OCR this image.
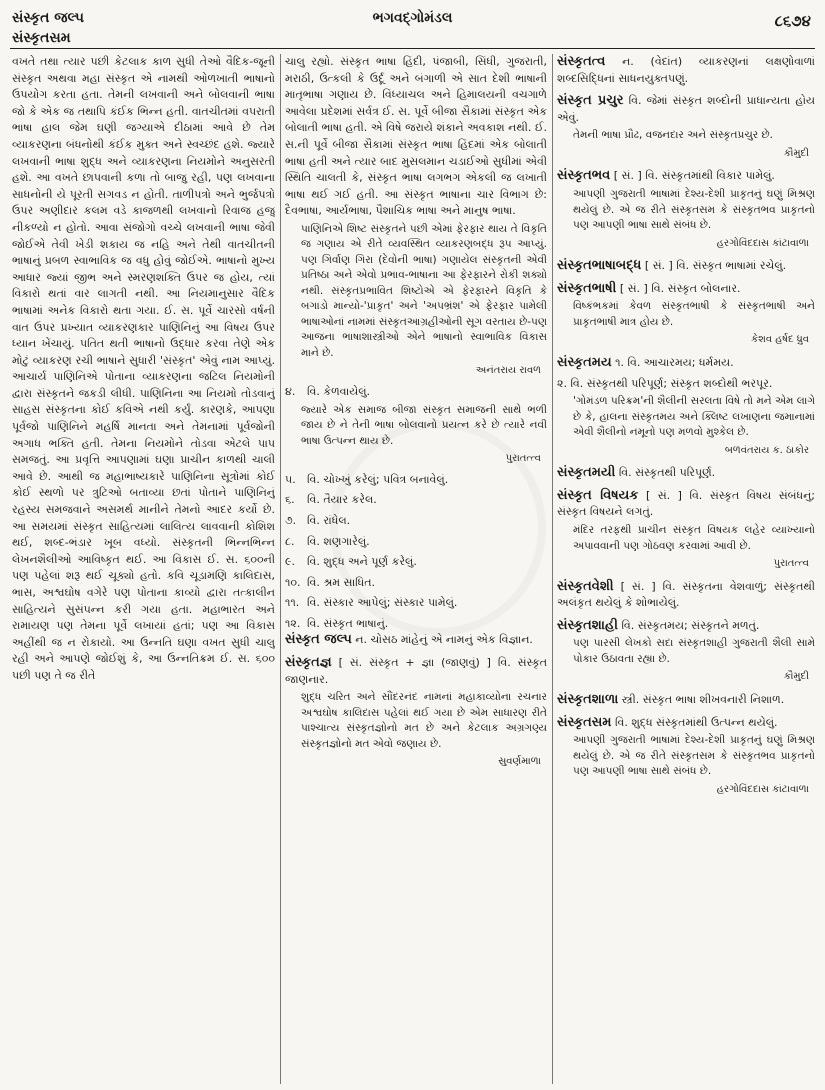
સંસ્કૃત જલ્પ
સંસ્કૃતસમ
ભગવદ્ગોમંડલ	૮૬૭૪

વખતે તથા ત્યાર પછી કેટલાક કાળ સુધી તેઓ વૈદિક-જૂની સંસ્કૃત અથવા મહા સંસ્કૃત એ નામથી ઓળખાતી ભાષાનો ઉપયોગ કરતા હતા. તેમની લખવાની અને બોલવાની ભાષા જો કે એક જ તથાપિ કંઈક ભિન્ન હતી. વાતચીતમાં વપરાતી ભાષા હાલ જેમ ઘણી જગ્યાએ દીઠામાં આવે છે તેમ વ્યાકરણના બંધનોથી કંઈક મુક્ત અને સ્વચ્છંદ હશે. જ્યારે લખવાની ભાષા શુદ્ધ અને વ્યાકરણના નિયમોને અનુસરતી હશે. આ વખતે છાપવાની કળા તો બાજુ રહી, પણ લખવાના સાધનોની યે પૂરતી સગવડ ન હોતી. તાળીપત્રો અને ભુર્જપત્રો ઉપર અણીદાર કલમ વડે કાજળથી લખવાનો રિવાજ હજુ નીકળ્યો ન હોતો. આવા સંજોગો વચ્ચે લખવાની ભાષા જેવી જોઈએ તેવી ખેડી શકાય જ નહિ અને તેથી વાતચીતની ભાષાનું પ્રબળ સ્વાભાવિક જ વધુ હોવું જોઈએ. ભાષાનો મુખ્ય આધાર જ્યાં જીભ અને સ્મરણશક્તિ ઉપર જ હોય, ત્યાં વિકારો થતાં વાર લાગતી નથી. આ નિયમાનુસાર વૈદિક ભાષામાં અનેક વિકારો થતા ગયા. ઈ. સ. પૂર્વે ચારસો વર્ષની વાત ઉપર પ્રખ્યાત વ્યાકરણકાર પાણિનિનું આ વિષય ઉપર ધ્યાન ખેંચાયું. પતિત થતી ભાષાનો ઉદ્ધાર કરવા તેણે એક મોટું વ્યાકરણ રચી ભાષાને સુધારી 'સંસ્કૃત' એવું નામ આપ્યું. આચાર્ય પાણિનિએ પોતાના વ્યાકરણના જટિલ નિયમોની દ્વારા સંસ્કૃતને જકડી લીધી. પાણિનિના આ નિયમો તોડવાનું સાહસ સંસ્કૃતના કોઈ કવિએ નથી કર્યું. કારણકે, આપણા પૂર્વજો પાણિનિને મહર્ષિ માનતા અને તેમનામાં પૂર્વજોની અગાધ ભક્તિ હતી. તેમના નિયમોને તોડવા એટલે પાપ સમજતું. આ પ્રવૃત્તિ આપણામાં ઘણા પ્રાચીન કાળથી ચાલી આવે છે. આથી જ મહાભાષ્યકારે પાણિનિના સૂત્રોમાં કોઈ કોઈ સ્થળો પર ત્રુટિઓ બતાવ્યા છતાં પોતાને પાણિનિનું રહસ્ય સમજવાને અસમર્થ માનીને તેમનો આદર કર્યો છે. આ સમયમાં સંસ્કૃત સાહિત્યમાં લાલિત્ય લાવવાની કોશિશ થઈ, શબ્દ-ભંડાર ખૂબ વધ્યો. સંસ્કૃતની ભિન્નભિન્ન લેખનશૈલીઓ આવિષ્કૃત થઈ. આ વિકાસ ઈ. સ. ૬૦૦ની પણ પહેલાં શરૂ થઈ ચૂક્યો હતો. કવિ ચૂડામણિ કાલિદાસ, ભાસ, અશ્વઘોષ વગેરે પણ પોતાના કાવ્યો દ્વારા તત્કાલીન સાહિત્યને સુસંપન્ન કરી ગયા હતા. મહાભારત અને રામાયણ પણ તેમના પૂર્વે લખાયાં હતાં; પણ આ વિકાસ અહીંથી જ ન રોકાયો. આ ઉન્નતિ ઘણા વખત સુધી ચાલુ રહી અને આપણે જોઈશું કે, આ ઉન્નતિક્રમ ઈ. સ. ૬૦૦ પછી પણ તે જ રીતે

ચાલુ રહ્યો. સંસ્કૃત ભાષા હિંદી, પંજાબી, સિંધી, ગુજરાતી, મરાઠી, ઉત્કલી કે ઉર્દૂ અને બંગાળી એ સાત દેશી ભાષાની માતૃભાષા ગણાય છે. વિંધ્યાચલ અને હિમાલયની વચગાળે આવેલા પ્રદેશમાં સર્વત્ર ઈ. સ. પૂર્વે બીજા સૈકામાં સંસ્કૃત એક બોલાતી ભાષા હતી. એ વિષે જરાયે શંકાને અવકાશ નથી. ઈ. સ.ની પૂર્વે બીજા સૈકામાં સંસ્કૃત ભાષા હિંદમાં એક બોલાતી ભાષા હતી અને ત્યાર બાદ મુસલમાન ચડાઈઓ સુધીમાં એવી સ્થિતિ ચાલતી કે, સંસ્કૃત ભાષા લગભગ એકલી જ લખાતી ભાષા થઈ ગઈ હતી. આ સંસ્કૃત ભાષાના ચાર વિભાગ છે: દૈવભાષા, આર્યભાષા, પૈશાચિક ભાષા અને માનુષ ભાષા.

પાણિનિએ શિષ્ટ સંસ્કૃતને પછી એમાં ફેરફાર થાય તે વિકૃતિ જ ગણાય એ રીતે વ્યવસ્થિત વ્યાકરણબદ્ધ રૂપ આપ્યું. પણ ગિર્વાણ ગિરા (દેવોની ભાષા) ગણાયેલ સંસ્કૃતની એવી પ્રતિષ્ઠા અને એવો પ્રભાવ-ભાષાના આ ફેરફારને રોકી શક્યો નથી. સંસ્કૃતપ્રભાવિત શિષ્ટોએ એ ફેરફારને વિકૃતિ કે બગાડો માન્યો-'પ્રાકૃત' અને 'અપભ્રંશ' એ ફેરફાર પામેલી ભાષાઓનાં નામમાં સંસ્કૃતઆગ્રહીઓની સૂગ વરતાય છે-પણ આજના ભાષાશાસ્ત્રીઓ એને ભાષાનો સ્વાભાવિક વિકાસ માને છે.

અનંતરાય રાવળ

૪. વિ. કેળવાયેલું.

જ્યારે એક સમાજ બીજા સંસ્કૃત સમાજની સાથે ભળી જાય છે ને તેની ભાષા બોલવાનો પ્રયત્ન કરે છે ત્યારે નવી ભાષા ઉત્પન્ન થાય છે.

પુરાતત્ત્વ

૫. વિ. ચોખ્ખું કરેલું; પવિત્ર બનાવેલું.
૬. વિ. તૈયાર કરેલ.
૭. વિ. રાંધેલ.
૮. વિ. શણગારેલું.
૯. વિ. શુદ્ધ અને પૂર્ણ કરેલું.
૧૦. વિ. શ્રમ સાધિત.
૧૧. વિ. સંસ્કાર આપેલું; સંસ્કાર પામેલું.
૧૨. વિ. સંસ્કૃત ભાષાનું.

સંસ્કૃત જલ્પ ન. ચોસઠ માંહેનું એ નામનું એક વિજ્ઞાન.

સંસ્કૃતજ્ઞ [ સં. સંસ્કૃત + જ્ઞા (જાણવું) ] વિ. સંસ્કૃત જાણનાર.

શુદ્ધ ચરિત અને સૌંદરનંદ નામનાં મહાકાવ્યોના રચનાર અશ્વઘોષ કાલિદાસ પહેલાં થઈ ગયા છે એમ સાધારણ રીતે પાશ્ચાત્ય સંસ્કૃતજ્ઞોનો મત છે અને કેટલાક અગ્રગણ્ય સંસ્કૃતજ્ઞોનો મત એવો જણાય છે.

સુવર્ણમાળા

સંસ્કૃતત્વ ન. (વેદાંત) વ્યાકરણનાં લક્ષણોવાળાં શબ્દસિદ્ધિનાં સાધનયુક્તપણું.

સંસ્કૃત પ્રચુર વિ. જેમાં સંસ્કૃત શબ્દોની પ્રાધાન્યતા હોય એવું.

તેમની ભાષા પ્રૌઢ, વજનદાર અને સંસ્કૃતપ્રચુર છે.

કૌમુદી

સંસ્કૃતભવ [ સં. ] વિ. સંસ્કૃતમાંથી વિકાર પામેલું.

આપણી ગુજરાતી ભાષામાં દેશ્ય-દેશી પ્રાકૃતનું ઘણું મિશ્રણ થયેલું છે. એ જ રીતે સંસ્કૃતસમ કે સંસ્કૃતભવ પ્રાકૃતનો પણ આપણી ભાષા સાથે સંબંધ છે.

હરગોવિંદદાસ કાંટાવાળા

સંસ્કૃતભાષાબદ્ધ [ સં. ] વિ. સંસ્કૃત ભાષામાં રચેલું.

સંસ્કૃતભાષી [ સં. ] વિ. સંસ્કૃત બોલનાર.

વિષ્કંભકમાં કેવળ સંસ્કૃતભાષી કે સંસ્કૃતભાષી અને પ્રાકૃતભાષી માત્ર હોય છે.

કેશવ હર્ષદ ધ્રુવ

સંસ્કૃતમય ૧. વિ. આચારમય; ધર્મમય.

૨. વિ. સંસ્કૃતથી પરિપૂર્ણ; સંસ્કૃત શબ્દોથી ભરપૂર.

'ગોમંડળ પરિક્રમ'ની શૈલીની સરલતા વિષે તો મને એમ લાગે છે કે, હાલના સંસ્કૃતમય અને ક્લિષ્ટ લખાણના જમાનામાં એવી શૈલીનો નમૂનો પણ મળવો મુશ્કેલ છે.

બળવંતરાય ક. ઠાકોર

સંસ્કૃતમયી વિ. સંસ્કૃતથી પરિપૂર્ણ.

સંસ્કૃત વિષયક [ સં. ] વિ. સંસ્કૃત વિષય સંબંધનું; સંસ્કૃત વિષયને લગતું.

મંદિર તરફથી પ્રાચીન સંસ્કૃત વિષયક લહેર વ્યાખ્યાનો અપાવવાની પણ ગોઠવણ કરવામાં આવી છે.

પુરાતત્ત્વ

સંસ્કૃતવેશી [ સં. ] વિ. સંસ્કૃતના વેશવાળું; સંસ્કૃતથી અલંકૃત થયેલું કે શોભાયેલું.

સંસ્કૃતશાહી વિ. સંસ્કૃતમય; સંસ્કૃતને મળતું.

પણ પારસી લેખકો સદા સંસ્કૃતશાહી ગુજરાતી શૈલી સામે પોકાર ઉઠાવતા રહ્યા છે.

કૌમુદી

સંસ્કૃતશાળા સ્ત્રી. સંસ્કૃત ભાષા શીખવનારી નિશાળ.

સંસ્કૃતસમ વિ. શુદ્ધ સંસ્કૃતમાંથી ઉત્પન્ન થયેલું.

આપણી ગુજરાતી ભાષામાં દેશ્ય-દેશી પ્રાકૃતનું ઘણું મિશ્રણ થયેલું છે. એ જ રીતે સંસ્કૃતસમ કે સંસ્કૃતભવ પ્રાકૃતનો પણ આપણી ભાષા સાથે સંબંધ છે.

હરગોવિંદદાસ કાંટાવાળા
